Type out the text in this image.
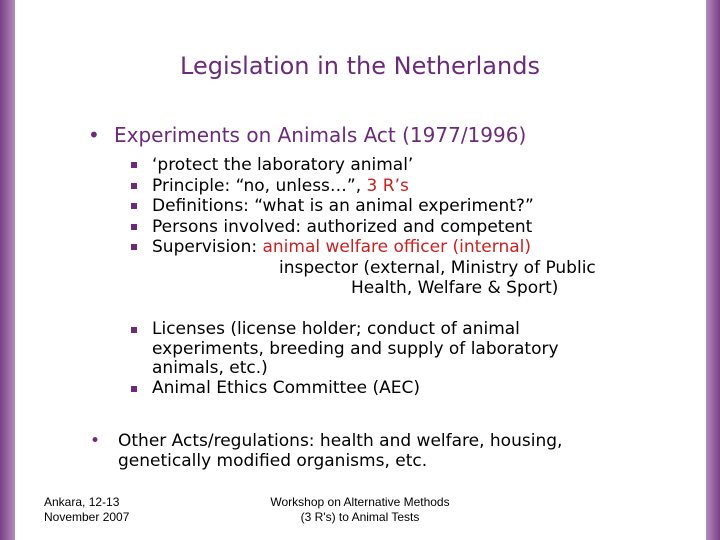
Legislation in the Netherlands
• Experiments on Animals Act (1977/1996)
‘protect the laboratory animal’
Principle: “no, unless…”, 3 R’s
Definitions: “what is an animal experiment?”
Persons involved: authorized and competent
Supervision: animal welfare officer (internal)
inspector (external, Ministry of Public
Health, Welfare & Sport)
Licenses (license holder; conduct of animal
experiments, breeding and supply of laboratory
animals, etc.)
Animal Ethics Committee (AEC)
•	Other Acts/regulations: health and welfare, housing,
genetically modified organisms, etc.
Ankara, 12-13
November 2007
Workshop on Alternative Methods
(3 R's) to Animal Tests
